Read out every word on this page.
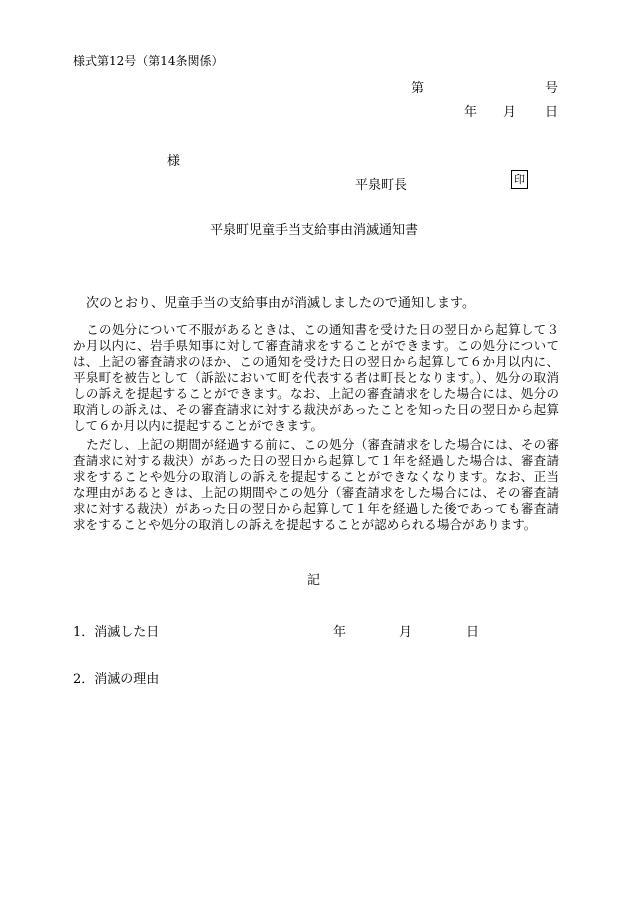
様式第12号（第14条関係）
第	号
年 月 日
様
平泉町長	印
平泉町児童手当支給事由消滅通知書
次のとおり、児童手当の支給事由が消滅しましたので通知します。
この処分について不服があるときは、この通知書を受けた日の翌日から起算して３か月以内に、岩手県知事に対して審査請求をすることができます。この処分については、上記の審査請求のほか、この通知を受けた日の翌日から起算して６か月以内に、平泉町を被告として（訴訟において町を代表する者は町長となります。）、処分の取消しの訴えを提起することができます。なお、上記の審査請求をした場合には、処分の取消しの訴えは、その審査請求に対する裁決があったことを知った日の翌日から起算して６か月以内に提起することができます。
ただし、上記の期間が経過する前に、この処分（審査請求をした場合には、その審査請求に対する裁決）があった日の翌日から起算して１年を経過した場合は、審査請求をすることや処分の取消しの訴えを提起することができなくなります。なお、正当な理由があるときは、上記の期間やこの処分（審査請求をした場合には、その審査請求に対する裁決）があった日の翌日から起算して１年を経過した後であっても審査請求をすることや処分の取消しの訴えを提起することが認められる場合があります。
記
1．消滅した日	年	月	日
2．消滅の理由
